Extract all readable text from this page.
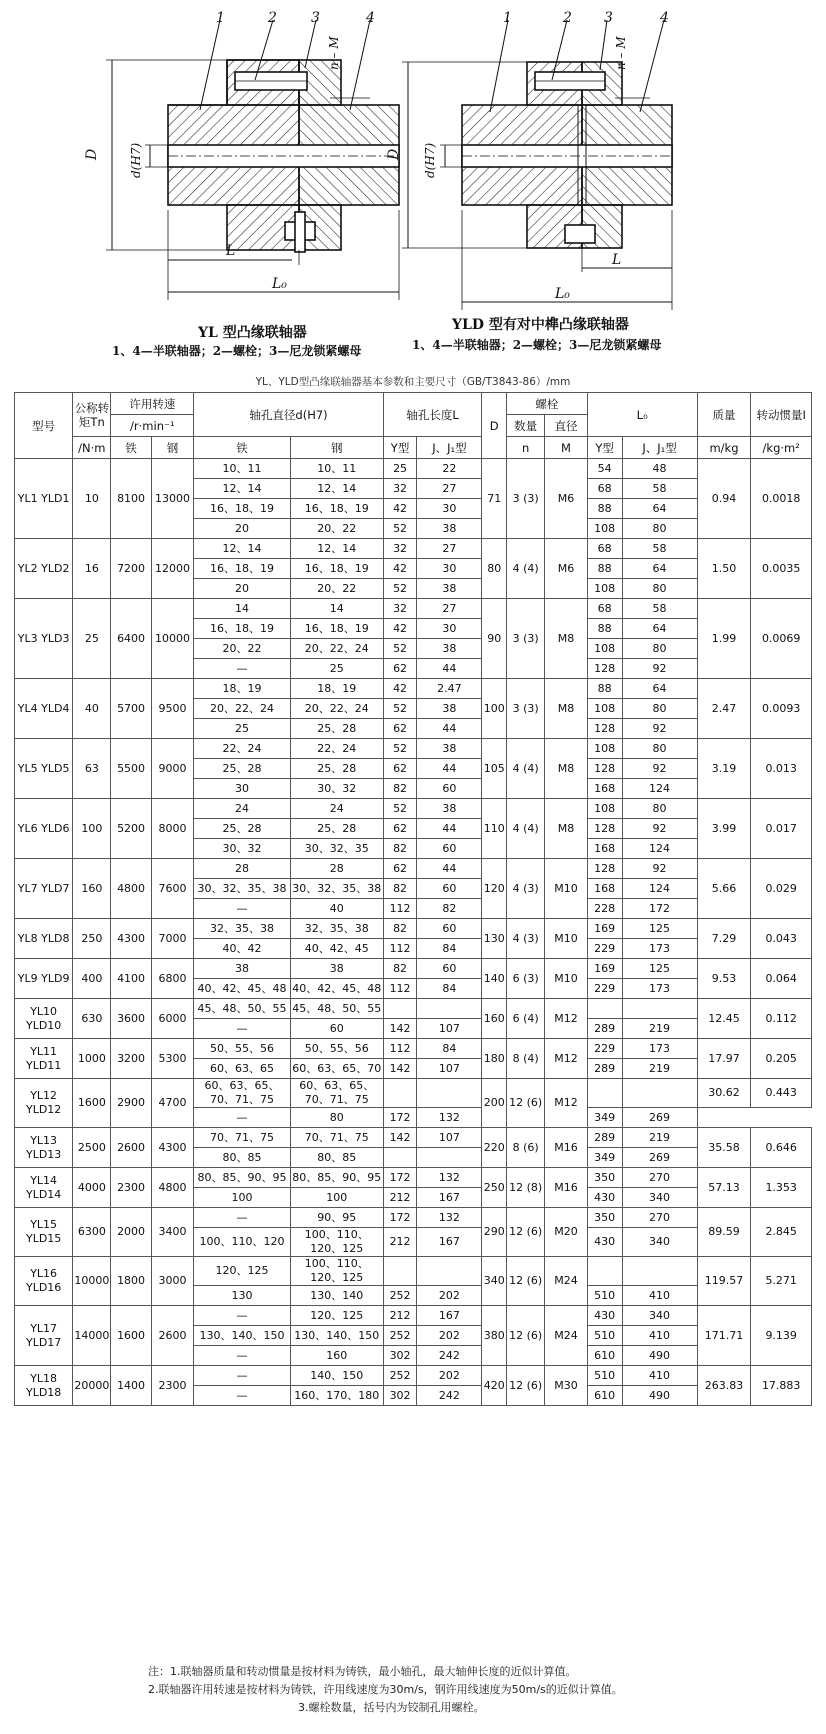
1	2 3	4
D d(H7)
n – M
L
L₀
1	2 3	4
D d(H7)
n – M
L
L₀
YL 型凸缘联轴器
1、4—半联轴器；2—螺栓；3—尼龙锁紧螺母
YLD 型有对中榫凸缘联轴器
1、4—半联轴器；2—螺栓；3—尼龙锁紧螺母
YL、YLD型凸缘联轴器基本参数和主要尺寸（GB/T3843-86）/mm
型号	公称转矩Tn	许用转速		轴孔直径d(H7)		轴孔长度L		D	螺栓		L₀		质量	转动惯量I
		/r·min⁻¹							数量	直径				
	/N·m	铁	钢	铁	钢	Y型	J、J₁型		n	M	Y型	J、J₁型	m/kg	/kg·m²
YL1 YLD1	10	8100	13000	10、11	10、11	25	22	71	3 (3)	M6	54	48	0.94	0.0018
				12、14	12、14	32	27				68	58		
				16、18、19	16、18、19	42	30				88	64		
				20	20、22	52	38				108	80		
YL2 YLD2	16	7200	12000	12、14	12、14	32	27	80	4 (4)	M6	68	58	1.50	0.0035
				16、18、19	16、18、19	42	30				88	64		
				20	20、22	52	38				108	80		
YL3 YLD3	25	6400	10000	14	14	32	27	90	3 (3)	M8	68	58	1.99	0.0069
				16、18、19	16、18、19	42	30				88	64		
				20、22	20、22、24	52	38				108	80		
				—	25	62	44				128	92		
YL4 YLD4	40	5700	9500	18、19	18、19	42	2.47	100	3 (3)	M8	88	64	2.47	0.0093
				20、22、24	20、22、24	52	38				108	80		
				25	25、28	62	44				128	92		
YL5 YLD5	63	5500	9000	22、24	22、24	52	38	105	4 (4)	M8	108	80	3.19	0.013
				25、28	25、28	62	44				128	92		
				30	30、32	82	60				168	124		
YL6 YLD6	100	5200	8000	24	24	52	38	110	4 (4)	M8	108	80	3.99	0.017
				25、28	25、28	62	44				128	92		
				30、32	30、32、35	82	60				168	124		
YL7 YLD7	160	4800	7600	28	28	62	44	120	4 (3)	M10	128	92	5.66	0.029
				30、32、35、38	30、32、35、38	82	60				168	124		
				—	40	112	82				228	172		
YL8 YLD8	250	4300	7000	32、35、38	32、35、38	82	60	130	4 (3)	M10	169	125	7.29	0.043
				40、42	40、42、45	112	84				229	173		
YL9 YLD9	400	4100	6800	38	38	82	60	140	6 (3)	M10	169	125	9.53	0.064
				40、42、45、48	40、42、45、48	112	84				229	173		
YL10 YLD10	630	3600	6000	45、48、50、55	45、48、50、55			160	6 (4)	M12			12.45	0.112
				—	60	142	107				289	219		
YL11 YLD11	1000	3200	5300	50、55、56	50、55、56	112	84	180	8 (4)	M12	229	173	17.97	0.205
				60、63、65	60、63、65、70	142	107				289	219		
YL12 YLD12	1600	2900	4700	60、63、65、70、71、75	60、63、65、70、71、75			200	12 (6)	M12			30.62	0.443
				—	80	172	132				349	269		
YL13 YLD13	2500	2600	4300	70、71、75	70、71、75	142	107	220	8 (6)	M16	289	219	35.58	0.646
				80、85	80、85						349	269		
YL14 YLD14	4000	2300	4800	80、85、90、95	80、85、90、95	172	132	250	12 (8)	M16	350	270	57.13	1.353
				100	100	212	167				430	340		
YL15 YLD15	6300	2000	3400	—	90、95	172	132	290	12 (6)	M20	350	270	89.59	2.845
				100、110、120	100、110、120、125	212	167				430	340		
YL16 YLD16	10000	1800	3000	120、125	100、110、120、125			340	12 (6)	M24			119.57	5.271
				130	130、140	252	202				510	410		
YL17 YLD17	14000	1600	2600	—	120、125	212	167	380	12 (6)	M24	430	340	171.71	9.139
				130、140、150	130、140、150	252	202				510	410		
				—	160	302	242				610	490		
YL18 YLD18	20000	1400	2300	—	140、150	252	202	420	12 (6)	M30	510	410	263.83	17.883
				—	160、170、180	302	242				610	490		
注：1.联轴器质量和转动惯量是按材料为铸铁，最小轴孔，最大轴伸长度的近似计算值。
2.联轴器许用转速是按材料为铸铁，许用线速度为30m/s，钢许用线速度为50m/s的近似计算值。
3.螺栓数量，括号内为铰制孔用螺栓。
